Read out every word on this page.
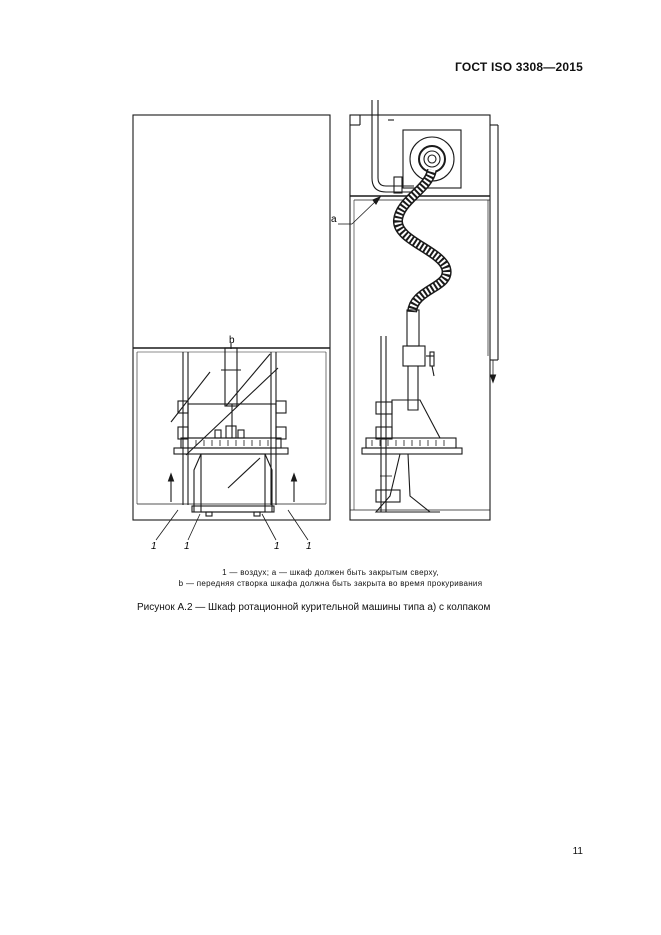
ГОСТ ISO 3308—2015
b
a
1	1	1	1
1 — воздух; a — шкаф должен быть закрытым сверху,
b — передняя створка шкафа должна быть закрыта во время прокуривания
Рисунок А.2 — Шкаф ротационной курительной машины типа а) с колпаком
11
